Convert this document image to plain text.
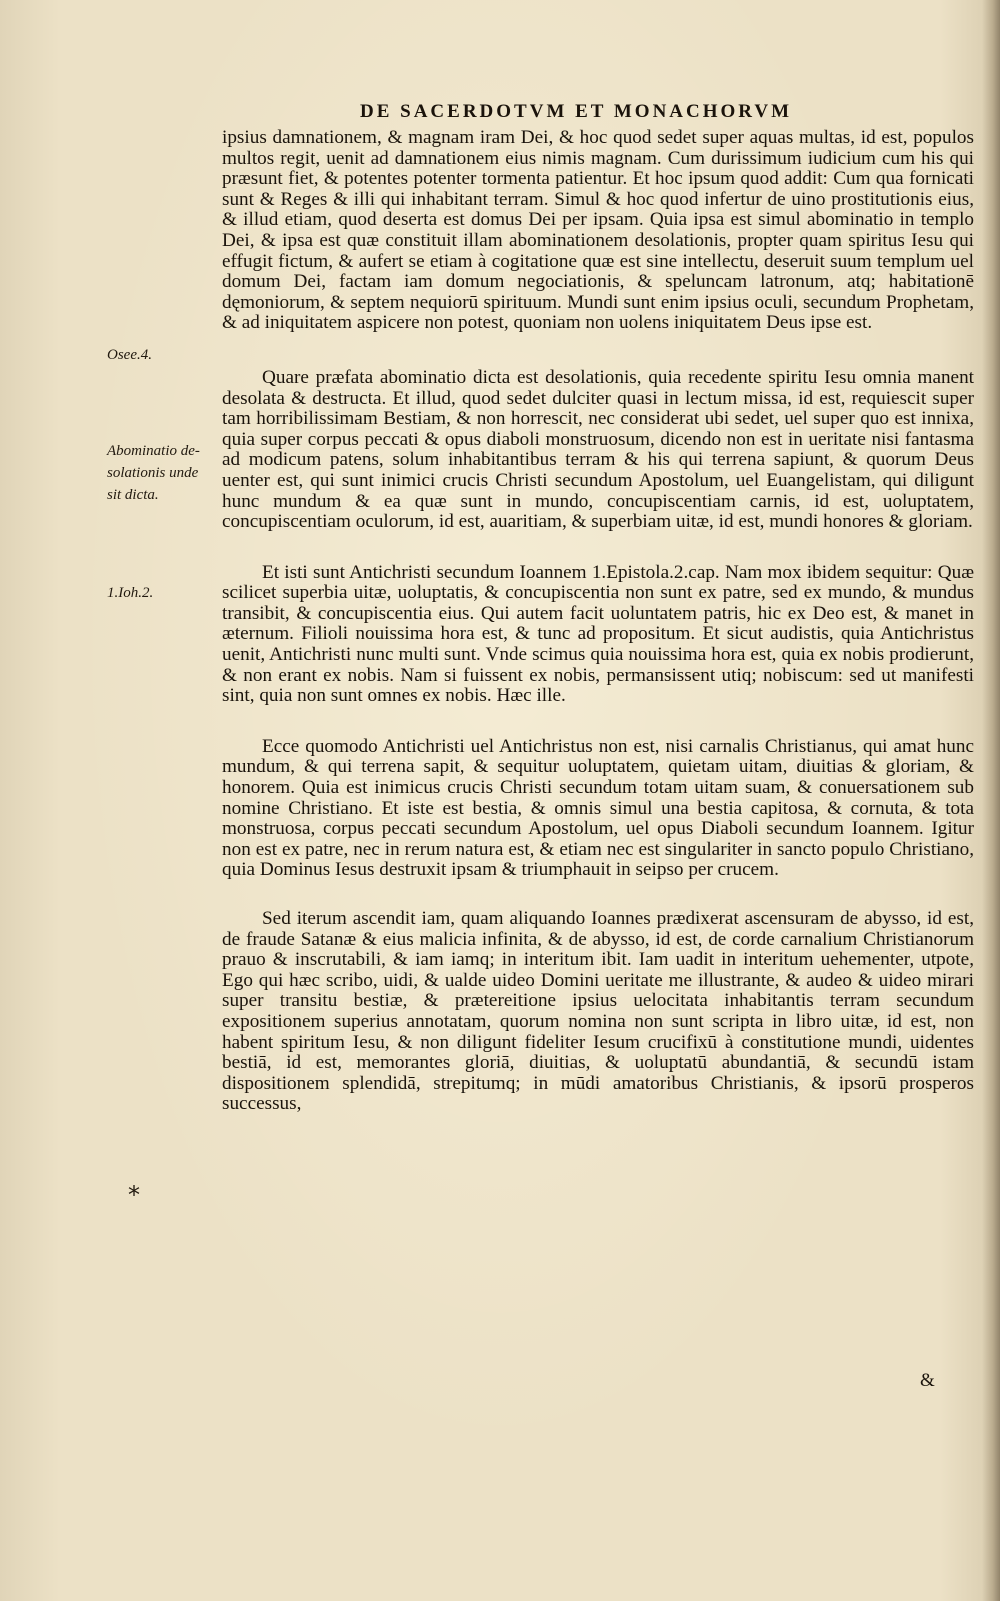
DE SACERDOTVM ET MONACHORVM
Osee.4.
Abominatio de-
solationis unde
sit dicta.
1.Ioh.2.
*

ipsius damnationem, & magnam iram Dei, & hoc quod sedet super aquas multas, id est, populos multos regit, uenit ad damnationem eius nimis magnam. Cum durissimum iudicium cum his qui præsunt fiet, & potentes potenter tormenta patientur. Et hoc ipsum quod addit: Cum qua fornicati sunt & Reges & illi qui inhabitant terram. Simul & hoc quod infertur de uino prostitutionis eius, & illud etiam, quod deserta est domus Dei per ipsam. Quia ipsa est simul abominatio in templo Dei, & ipsa est quæ constituit illam abominationem desolationis, propter quam spiritus Iesu qui effugit fictum, & aufert se etiam à cogitatione quæ est sine intellectu, deseruit suum templum uel domum Dei, factam iam domum negociationis, & speluncam latronum, atq; habitationē dęmoniorum, & septem nequiorū spirituum. Mundi sunt enim ipsius oculi, secundum Prophetam, & ad iniquitatem aspicere non potest, quoniam non uolens iniquitatem Deus ipse est.

Quare præfata abominatio dicta est desolationis, quia recedente spiritu Iesu omnia manent desolata & destructa. Et illud, quod sedet dulciter quasi in lectum missa, id est, requiescit super tam horribilissimam Bestiam, & non horrescit, nec considerat ubi sedet, uel super quo est innixa, quia super corpus peccati & opus diaboli monstruosum, dicendo non est in ueritate nisi fantasma ad modicum patens, solum inhabitantibus terram & his qui terrena sapiunt, & quorum Deus uenter est, qui sunt inimici crucis Christi secundum Apostolum, uel Euangelistam, qui diligunt hunc mundum & ea quæ sunt in mundo, concupiscentiam carnis, id est, uoluptatem, concupiscentiam oculorum, id est, auaritiam, & superbiam uitæ, id est, mundi honores & gloriam.

Et isti sunt Antichristi secundum Ioannem 1.Epistola.2.cap. Nam mox ibidem sequitur: Quæ scilicet superbia uitæ, uoluptatis, & concupiscentia non sunt ex patre, sed ex mundo, & mundus transibit, & concupiscentia eius. Qui autem facit uoluntatem patris, hic ex Deo est, & manet in æternum. Filioli nouissima hora est, & tunc ad propositum. Et sicut audistis, quia Antichristus uenit, Antichristi nunc multi sunt. Vnde scimus quia nouissima hora est, quia ex nobis prodierunt, & non erant ex nobis. Nam si fuissent ex nobis, permansissent utiq; nobiscum: sed ut manifesti sint, quia non sunt omnes ex nobis. Hæc ille.

Ecce quomodo Antichristi uel Antichristus non est, nisi carnalis Christianus, qui amat hunc mundum, & qui terrena sapit, & sequitur uoluptatem, quietam uitam, diuitias & gloriam, & honorem. Quia est inimicus crucis Christi secundum totam uitam suam, & conuersationem sub nomine Christiano. Et iste est bestia, & omnis simul una bestia capitosa, & cornuta, & tota monstruosa, corpus peccati secundum Apostolum, uel opus Diaboli secundum Ioannem. Igitur non est ex patre, nec in rerum natura est, & etiam nec est singulariter in sancto populo Christiano, quia Dominus Iesus destruxit ipsam & triumphauit in seipso per crucem.

Sed iterum ascendit iam, quam aliquando Ioannes prædixerat ascensuram de abysso, id est, de fraude Satanæ & eius malicia infinita, & de abysso, id est, de corde carnalium Christianorum prauo & inscrutabili, & iam iamq; in interitum ibit. Iam uadit in interitum uehementer, utpote, Ego qui hæc scribo, uidi, & ualde uideo Domini ueritate me illustrante, & audeo & uideo mirari super transitu bestiæ, & prætereitione ipsius uelocitata inhabitantis terram secundum expositionem superius annotatam, quorum nomina non sunt scripta in libro uitæ, id est, non habent spiritum Iesu, & non diligunt fideliter Iesum crucifixū à constitutione mundi, uidentes bestiā, id est, memorantes gloriā, diuitias, & uoluptatū abundantiā, & secundū istam dispositionem splendidā, strepitumq; in mūdi amatoribus Christianis, & ipsorū prosperos successus,

&
